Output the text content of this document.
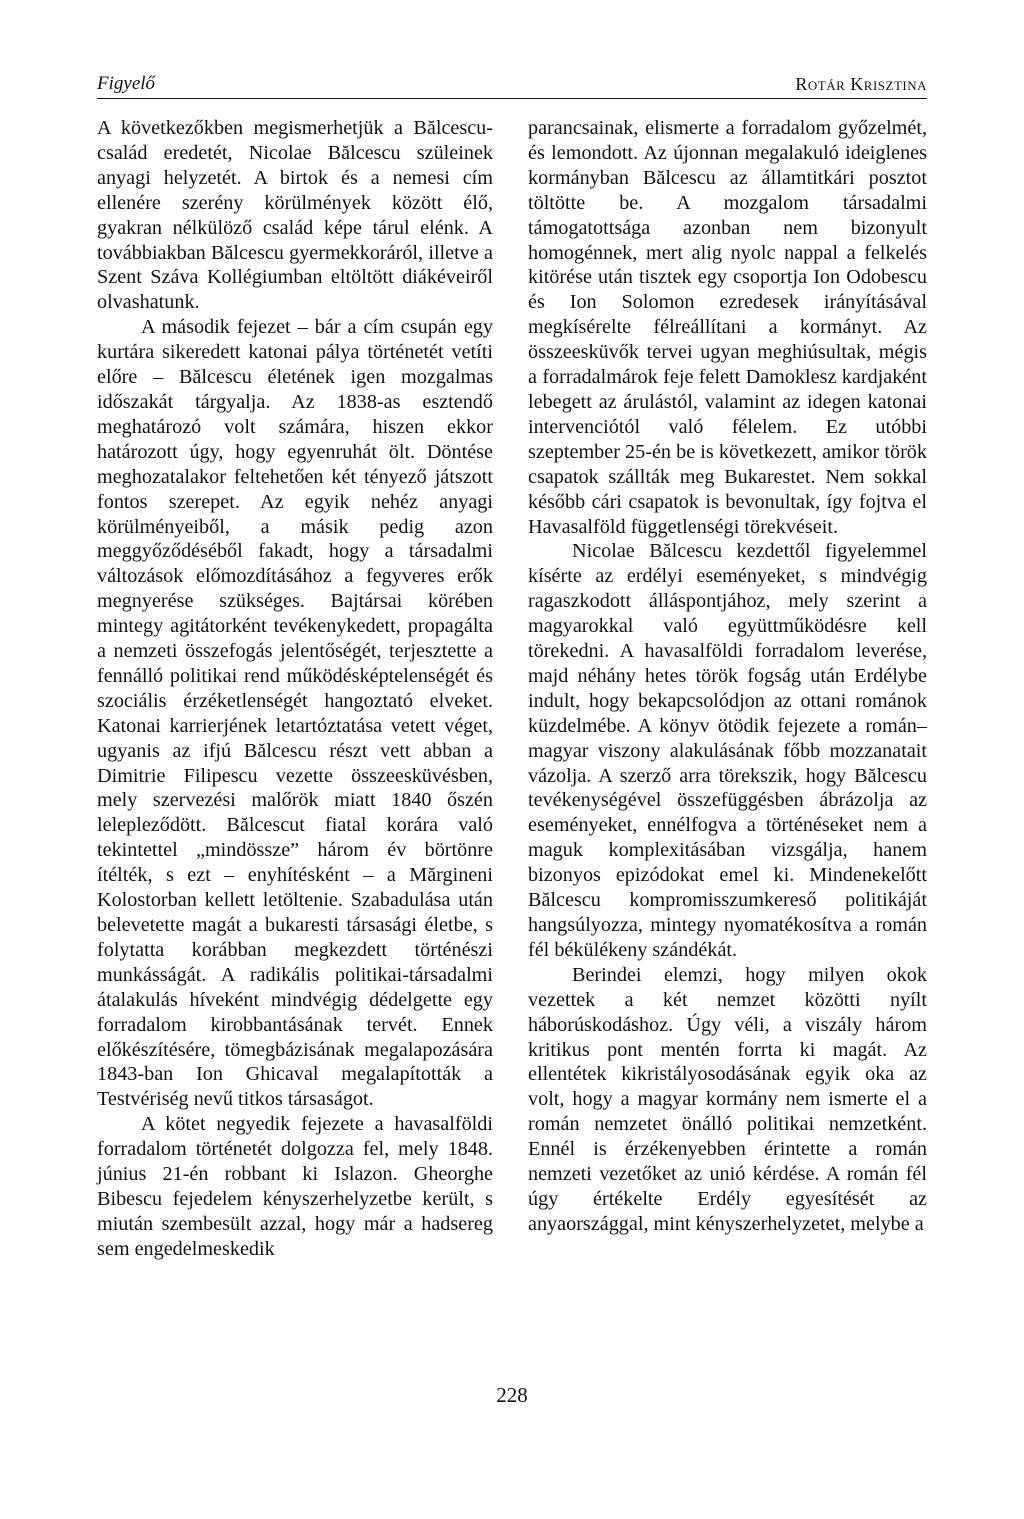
Figyelő	Rotár Krisztina

A következőkben megismerhetjük a Bălcescu-család eredetét, Nicolae Bălcescu szüleinek anyagi helyzetét. A birtok és a nemesi cím ellenére szerény körülmények között élő, gyakran nélkülöző család képe tárul elénk. A továbbiakban Bălcescu gyermekkoráról, illetve a Szent Száva Kollégiumban eltöltött diákéveiről olvashatunk.

A második fejezet – bár a cím csupán egy kurtára sikeredett katonai pálya történetét vetíti előre – Bălcescu életének igen mozgalmas időszakát tárgyalja. Az 1838-as esztendő meghatározó volt számára, hiszen ekkor határozott úgy, hogy egyenruhát ölt. Döntése meghozatalakor feltehetően két tényező játszott fontos szerepet. Az egyik nehéz anyagi körülményeiből, a másik pedig azon meggyőződéséből fakadt, hogy a társadalmi változások előmozdításához a fegyveres erők megnyerése szükséges. Bajtársai körében mintegy agitátorként tevékenykedett, propagálta a nemzeti összefogás jelentőségét, terjesztette a fennálló politikai rend működésképtelenségét és szociális érzéketlenségét hangoztató elveket. Katonai karrierjének letartóztatása vetett véget, ugyanis az ifjú Bălcescu részt vett abban a Dimitrie Filipescu vezette összeesküvésben, mely szervezési malőrök miatt 1840 őszén lelepleződött. Bălcescut fiatal korára való tekintettel „mindössze” három év börtönre ítélték, s ezt – enyhítésként – a Mărgineni Kolostorban kellett letöltenie. Szabadulása után belevetette magát a bukaresti társasági életbe, s folytatta korábban megkezdett történészi munkásságát. A radikális politikai-társadalmi átalakulás híveként mindvégig dédelgette egy forradalom kirobbantásának tervét. Ennek előkészítésére, tömegbázisának megalapozására 1843-ban Ion Ghicaval megalapították a Testvériség nevű titkos társaságot.

A kötet negyedik fejezete a havasalföldi forradalom történetét dolgozza fel, mely 1848. június 21-én robbant ki Islazon. Gheorghe Bibescu fejedelem kényszerhelyzetbe került, s miután szembesült azzal, hogy már a hadsereg sem engedelmeskedik

parancsainak, elismerte a forradalom győzelmét, és lemondott. Az újonnan megalakuló ideiglenes kormányban Bălcescu az államtitkári posztot töltötte be. A mozgalom társadalmi támogatottsága azonban nem bizonyult homogénnek, mert alig nyolc nappal a felkelés kitörése után tisztek egy csoportja Ion Odobescu és Ion Solomon ezredesek irányításával megkísérelte félreállítani a kormányt. Az összeesküvők tervei ugyan meghiúsultak, mégis a forradalmárok feje felett Damoklesz kardjaként lebegett az árulástól, valamint az idegen katonai intervenciótól való félelem. Ez utóbbi szeptember 25-én be is következett, amikor török csapatok szállták meg Bukarestet. Nem sokkal később cári csapatok is bevonultak, így fojtva el Havasalföld függetlenségi törekvéseit.

Nicolae Bălcescu kezdettől figyelemmel kísérte az erdélyi eseményeket, s mindvégig ragaszkodott álláspontjához, mely szerint a magyarokkal való együttműködésre kell törekedni. A havasalföldi forradalom leverése, majd néhány hetes török fogság után Erdélybe indult, hogy bekapcsolódjon az ottani románok küzdelmébe. A könyv ötödik fejezete a román–magyar viszony alakulásának főbb mozzanatait vázolja. A szerző arra törekszik, hogy Bălcescu tevékenységével összefüggésben ábrázolja az eseményeket, ennélfogva a történéseket nem a maguk komplexitásában vizsgálja, hanem bizonyos epizódokat emel ki. Mindenekelőtt Bălcescu kompromisszumkereső politikáját hangsúlyozza, mintegy nyomatékosítva a román fél békülékeny szándékát.

Berindei elemzi, hogy milyen okok vezettek a két nemzet közötti nyílt háborúskodáshoz. Úgy véli, a viszály három kritikus pont mentén forrta ki magát. Az ellentétek kikristályosodásának egyik oka az volt, hogy a magyar kormány nem ismerte el a román nemzetet önálló politikai nemzetként. Ennél is érzékenyebben érintette a román nemzeti vezetőket az unió kérdése. A román fél úgy értékelte Erdély egyesítését az anyaországgal, mint kényszerhelyzetet, melybe a

228
